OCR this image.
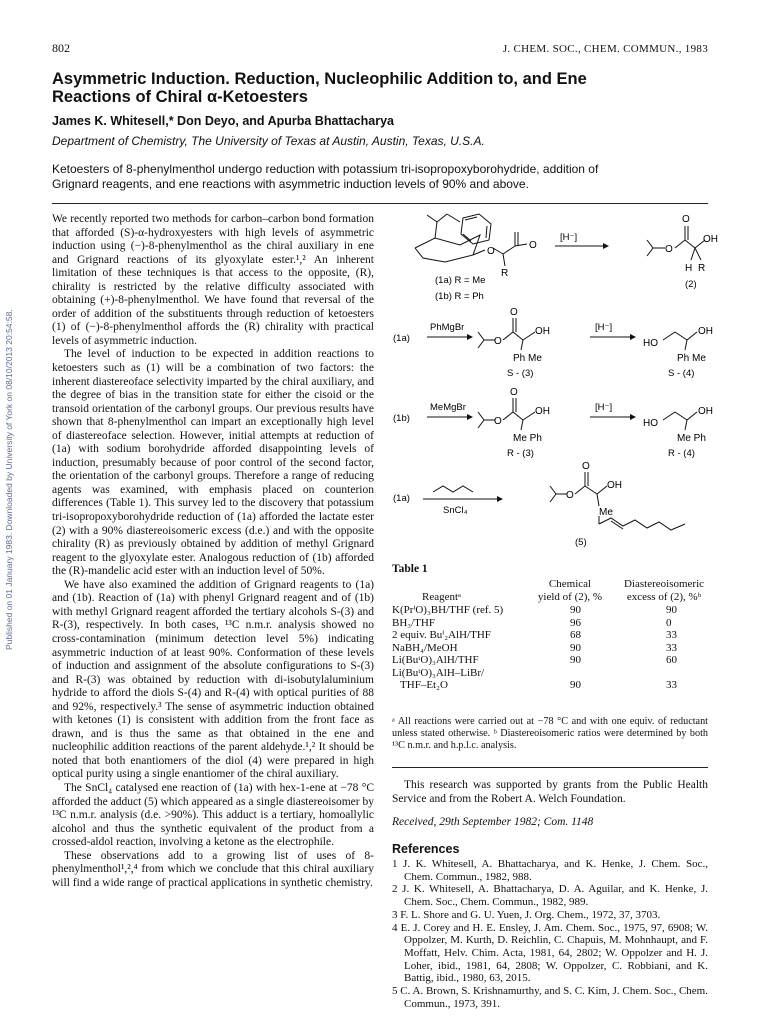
802	J. CHEM. SOC., CHEM. COMMUN., 1983
Asymmetric Induction. Reduction, Nucleophilic Addition to, and Ene
Reactions of Chiral α-Ketoesters
James K. Whitesell,* Don Deyo, and Apurba Bhattacharya
Department of Chemistry, The University of Texas at Austin, Austin, Texas, U.S.A.
Ketoesters of 8-phenylmenthol undergo reduction with potassium tri-isopropoxyborohydride, addition of
Grignard reagents, and ene reactions with asymmetric induction levels of 90% and above.
Published on 01 January 1983. Downloaded by University of York on 08/10/2013 20:54:58.

We recently reported two methods for carbon–carbon bond formation that afforded (S)-α-hydroxyesters with high levels of asymmetric induction using (−)-8-phenylmenthol as the chiral auxiliary in ene and Grignard reactions of its glyoxylate ester.¹,² An inherent limitation of these techniques is that access to the opposite, (R), chirality is restricted by the relative difficulty associated with obtaining (+)-8-phenylmenthol. We have found that reversal of the order of addition of the substituents through reduction of ketoesters (1) of (−)-8-phenylmenthol affords the (R) chirality with practical levels of asymmetric induction.

The level of induction to be expected in addition reactions to ketoesters such as (1) will be a combination of two factors: the inherent diastereoface selectivity imparted by the chiral auxiliary, and the degree of bias in the transition state for either the cisoid or the transoid orientation of the carbonyl groups. Our previous results have shown that 8-phenylmenthol can impart an exceptionally high level of diastereoface selection. However, initial attempts at reduction of (1a) with sodium borohydride afforded disappointing levels of induction, presumably because of poor control of the second factor, the orientation of the carbonyl groups. Therefore a range of reducing agents was examined, with emphasis placed on counterion differences (Table 1). This survey led to the discovery that potassium tri-isopropoxyborohydride reduction of (1a) afforded the lactate ester (2) with a 90% diastereoisomeric excess (d.e.) and with the opposite chirality (R) as previously obtained by addition of methyl Grignard reagent to the glyoxylate ester. Analogous reduction of (1b) afforded the (R)-mandelic acid ester with an induction level of 50%.

We have also examined the addition of Grignard reagents to (1a) and (1b). Reaction of (1a) with phenyl Grignard reagent and of (1b) with methyl Grignard reagent afforded the tertiary alcohols S-(3) and R-(3), respectively. In both cases, ¹³C n.m.r. analysis showed no cross-contamination (minimum detection level 5%) indicating asymmetric induction of at least 90%. Conformation of these levels of induction and assignment of the absolute configurations to S-(3) and R-(3) was obtained by reduction with di-isobutylaluminium hydride to afford the diols S-(4) and R-(4) with optical purities of 88 and 92%, respectively.³ The sense of asymmetric induction obtained with ketones (1) is consistent with addition from the front face as drawn, and is thus the same as that obtained in the ene and nucleophilic addition reactions of the parent aldehyde.¹,² It should be noted that both enantiomers of the diol (4) were prepared in high optical purity using a single enantiomer of the chiral auxiliary.

The SnCl₄ catalysed ene reaction of (1a) with hex-1-ene at −78 °C afforded the adduct (5) which appeared as a single diastereoisomer by ¹³C n.m.r. analysis (d.e. >90%). This adduct is a tertiary, homoallylic alcohol and thus the synthetic equivalent of the product from a crossed-aldol reaction, involving a ketone as the electrophile.

These observations add to a growing list of uses of 8-phenylmenthol¹,²,⁴ from which we conclude that this chiral auxiliary will find a wide range of practical applications in synthetic chemistry.

O
O
R
[H⁻]
O
O
OH
H R
(1a) R = Me
(1b) R = Ph
(2)
(1a)
PhMgBr
O
O
OH
Ph Me
S - (3)
[H⁻]
HO
OH
Ph Me
S - (4)
(1b)
MeMgBr
O
O
OH
Me Ph
R - (3)
[H⁻]
HO
OH
Me Ph
R - (4)
(1a)
SnCl₄
O
O
OH
Me
(5)
Table 1
Reagentᵃ
Chemical
yield of (2), %
Diastereoisomeric
excess of (2), %ᵇ
K(PrⁱO)₃BH/THF (ref. 5)	90	90
BH₃/THF	96	0
2 equiv. Buⁱ₂AlH/THF	68	33
NaBH₄/MeOH	90	33
Li(BuᵗO)₃AlH/THF	90	60
Li(BuᵗO)₃AlH–LiBr/
THF–Et₂O	90	33
ᵃ All reactions were carried out at −78 °C and with one equiv. of reductant unless stated otherwise. ᵇ Diastereoisomeric ratios were determined by both ¹³C n.m.r. and h.p.l.c. analysis.
This research was supported by grants from the Public Health Service and from the Robert A. Welch Foundation.
Received, 29th September 1982; Com. 1148
References
1 J. K. Whitesell, A. Bhattacharya, and K. Henke, J. Chem. Soc., Chem. Commun., 1982, 988.
2 J. K. Whitesell, A. Bhattacharya, D. A. Aguilar, and K. Henke, J. Chem. Soc., Chem. Commun., 1982, 989.
3 F. L. Shore and G. U. Yuen, J. Org. Chem., 1972, 37, 3703.
4 E. J. Corey and H. E. Ensley, J. Am. Chem. Soc., 1975, 97, 6908; W. Oppolzer, M. Kurth, D. Reichlin, C. Chapuis, M. Mohnhaupt, and F. Moffatt, Helv. Chim. Acta, 1981, 64, 2802; W. Oppolzer and H. J. Loher, ibid., 1981, 64, 2808; W. Oppolzer, C. Robbiani, and K. Battig, ibid., 1980, 63, 2015.
5 C. A. Brown, S. Krishnamurthy, and S. C. Kim, J. Chem. Soc., Chem. Commun., 1973, 391.
